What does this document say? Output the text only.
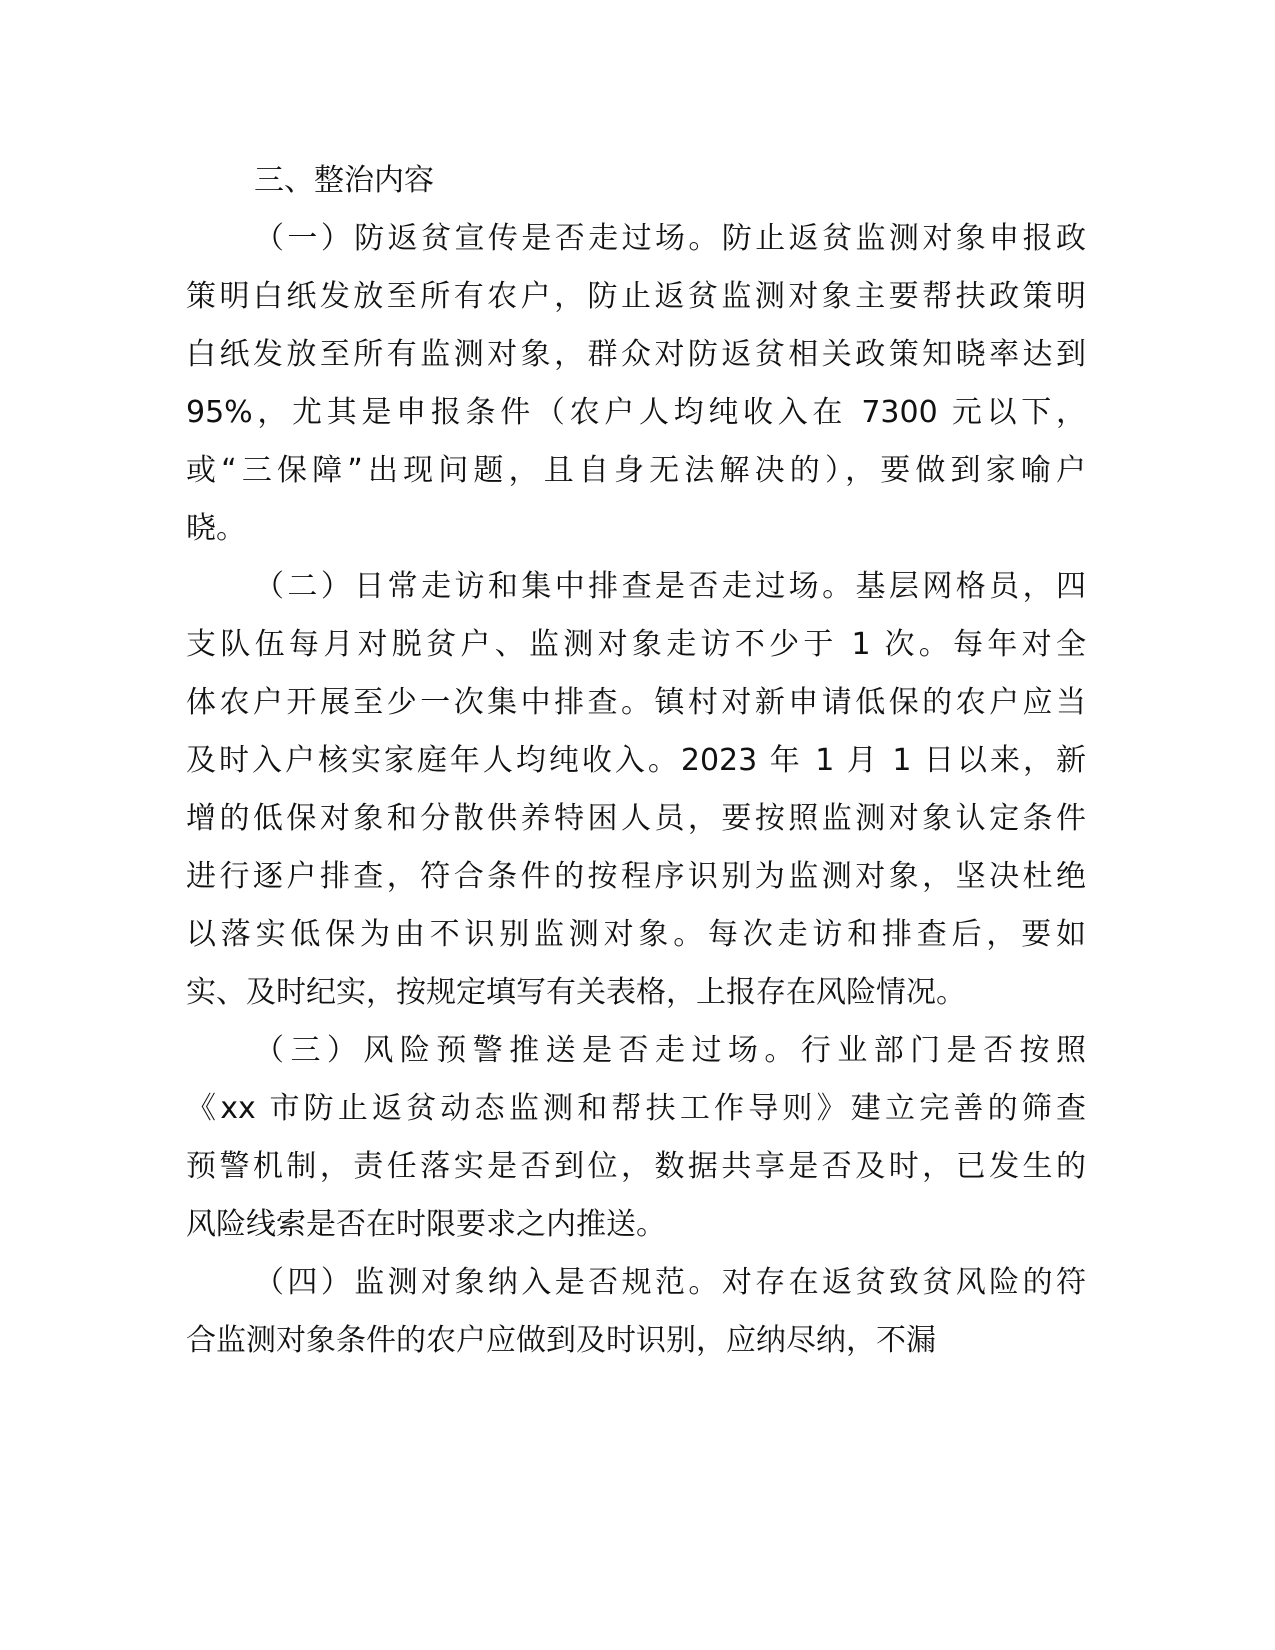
三、整治内容
（一）防返贫宣传是否走过场。防止返贫监测对象申报政
策明白纸发放至所有农户，防止返贫监测对象主要帮扶政策明
白纸发放至所有监测对象，群众对防返贫相关政策知晓率达到
95%，尤其是申报条件（农户人均纯收入在 7300 元以下，
或“三保障”出现问题，且自身无法解决的），要做到家喻户
晓。
（二）日常走访和集中排查是否走过场。基层网格员，四
支队伍每月对脱贫户、监测对象走访不少于 1 次。每年对全
体农户开展至少一次集中排查。镇村对新申请低保的农户应当
及时入户核实家庭年人均纯收入。2023 年 1 月 1 日以来，新
增的低保对象和分散供养特困人员，要按照监测对象认定条件
进行逐户排查，符合条件的按程序识别为监测对象，坚决杜绝
以落实低保为由不识别监测对象。每次走访和排查后，要如
实、及时纪实，按规定填写有关表格，上报存在风险情况。
（三）风险预警推送是否走过场。行业部门是否按照
《xx 市防止返贫动态监测和帮扶工作导则》建立完善的筛查
预警机制，责任落实是否到位，数据共享是否及时，已发生的
风险线索是否在时限要求之内推送。
（四）监测对象纳入是否规范。对存在返贫致贫风险的符
合监测对象条件的农户应做到及时识别，应纳尽纳，不漏
